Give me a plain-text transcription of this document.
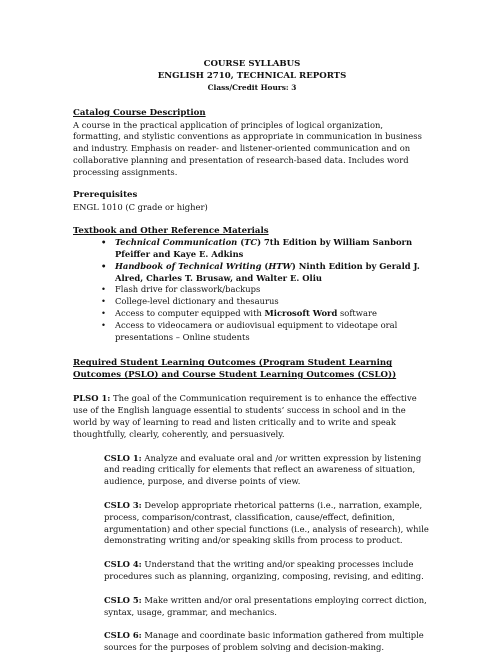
COURSE SYLLABUS
ENGLISH 2710, TECHNICAL REPORTS
Class/Credit Hours: 3
Catalog Course Description

A course in the practical application of principles of logical organization, formatting, and stylistic conventions as appropriate in communication in business and industry. Emphasis on reader- and listener-oriented communication and on collaborative planning and presentation of research-based data. Includes word processing assignments.

Prerequisites

ENGL 1010 (C grade or higher)

Textbook and Other Reference Materials
• Technical Communication (TC) 7th Edition by William Sanborn Pfeiffer and Kaye E. Adkins
• Handbook of Technical Writing (HTW) Ninth Edition by Gerald J. Alred, Charles T. Brusaw, and Walter E. Oliu
• Flash drive for classwork/backups
• College-level dictionary and thesaurus
• Access to computer equipped with Microsoft Word software
• Access to videocamera or audiovisual equipment to videotape oral presentations – Online students
Required Student Learning Outcomes (Program Student Learning Outcomes (PSLO) and Course Student Learning Outcomes (CSLO))

PLSO 1: The goal of the Communication requirement is to enhance the effective use of the English language essential to students’ success in school and in the world by way of learning to read and listen critically and to write and speak thoughtfully, clearly, coherently, and persuasively.

CSLO 1: Analyze and evaluate oral and /or written expression by listening and reading critically for elements that reflect an awareness of situation, audience, purpose, and diverse points of view.

CSLO 3: Develop appropriate rhetorical patterns (i.e., narration, example, process, comparison/contrast, classification, cause/effect, definition, argumentation) and other special functions (i.e., analysis of research), while demonstrating writing and/or speaking skills from process to product.

CSLO 4: Understand that the writing and/or speaking processes include procedures such as planning, organizing, composing, revising, and editing.

CSLO 5: Make written and/or oral presentations employing correct diction, syntax, usage, grammar, and mechanics.

CSLO 6: Manage and coordinate basic information gathered from multiple sources for the purposes of problem solving and decision-making.
